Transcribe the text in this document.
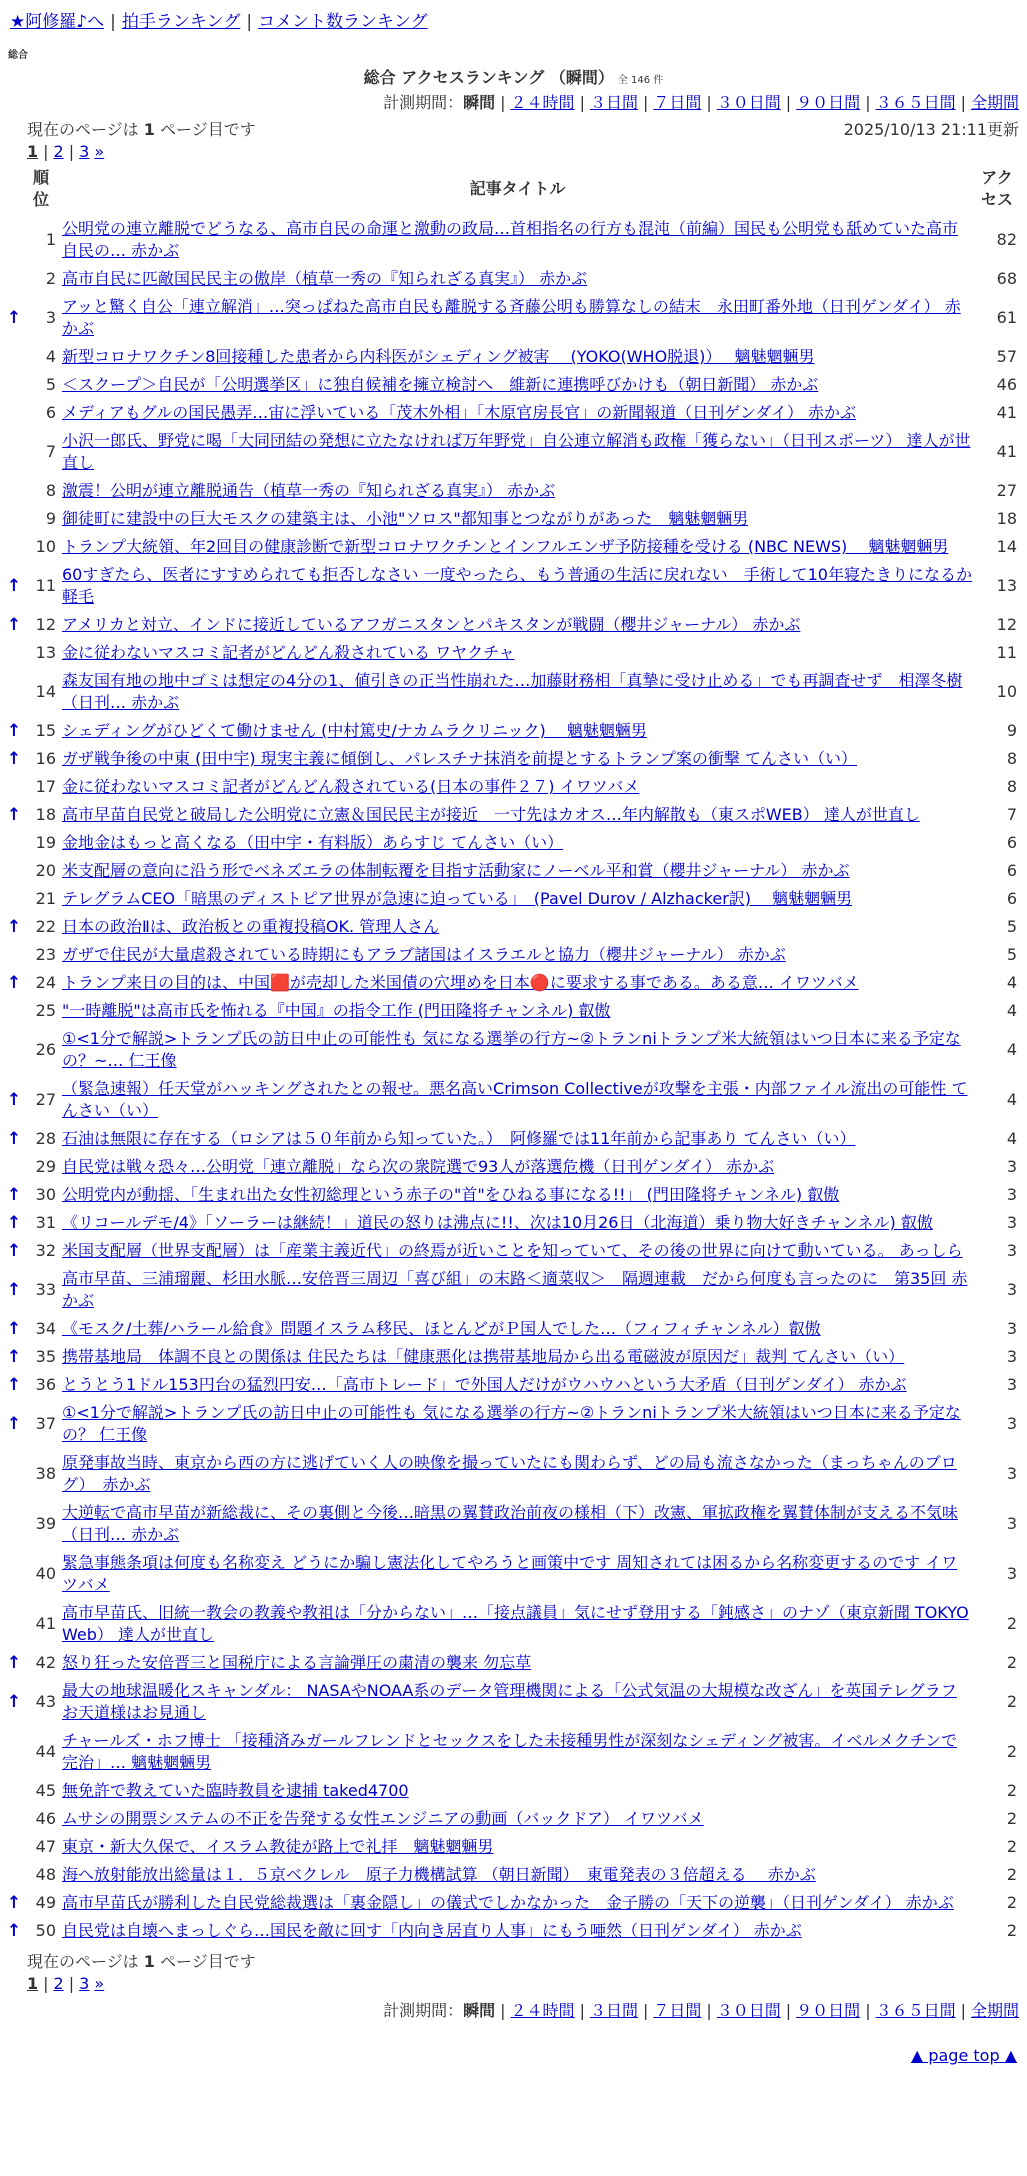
★阿修羅♪へ | 拍手ランキング | コメント数ランキング
総合
総合 アクセスランキング （瞬間） 全 146 件
計測期間：瞬間 | ２４時間 | ３日間 | ７日間 | ３０日間 | ９０日間 | ３６５日間 | 全期間
現在のページは 1 ページ目です	2025/10/13 21:11更新
1 | 2 | 3 »
	順位	記事タイトル	アクセス
	1	公明党の連立離脱でどうなる、高市自民の命運と激動の政局…首相指名の行方も混沌（前編）国民も公明党も舐めていた高市自民の… 赤かぶ	82
	2	高市自民に匹敵国民民主の傲岸（植草一秀の『知られざる真実』） 赤かぶ	68
↑	3	アッと驚く自公「連立解消」…突っぱねた高市自民も離脱する斉藤公明も勝算なしの結末　永田町番外地（日刊ゲンダイ） 赤かぶ	61
	4	新型コロナワクチン8回接種した患者から内科医がシェディング被害　 (YOKO(WHO脱退)）　 魑魅魍魎男	57
	5	＜スクープ＞自民が「公明選挙区」に独自候補を擁立検討へ　維新に連携呼びかけも（朝日新聞） 赤かぶ	46
	6	メディアもグルの国民愚弄…宙に浮いている「茂木外相」「木原官房長官」の新聞報道（日刊ゲンダイ） 赤かぶ	41
	7	小沢一郎氏、野党に喝「大同団結の発想に立たなければ万年野党」自公連立解消も政権「獲らない」（日刊スポーツ） 達人が世直し	41
	8	激震！公明が連立離脱通告（植草一秀の『知られざる真実』） 赤かぶ	27
	9	御徒町に建設中の巨大モスクの建築主は、小池"ソロス"都知事とつながりがあった　魑魅魍魎男	18
	10	トランプ大統領、年2回目の健康診断で新型コロナワクチンとインフルエンザ予防接種を受ける (NBC NEWS)　 魑魅魍魎男	14
↑	11	60すぎたら、医者にすすめられても拒否しなさい 一度やったら、もう普通の生活に戻れない　手術して10年寝たきりになるか軽毛	13
↑	12	アメリカと対立、インドに接近しているアフガニスタンとパキスタンが戦闘（櫻井ジャーナル） 赤かぶ	12
	13	金に従わないマスコミ記者がどんどん殺されている ワヤクチャ	11
	14	森友国有地の地中ゴミは想定の4分の1、値引きの正当性崩れた…加藤財務相「真摯に受け止める」でも再調査せず　相澤冬樹（日刊… 赤かぶ	10
↑	15	シェディングがひどくて働けません (中村篤史/ナカムラクリニック)　 魑魅魍魎男	9
↑	16	ガザ戦争後の中東 (田中宇) 現実主義に傾倒し、パレスチナ抹消を前提とするトランプ案の衝撃 てんさい（い）	8
	17	金に従わないマスコミ記者がどんどん殺されている(日本の事件２７) イワツバメ	8
↑	18	高市早苗自民党と破局した公明党に立憲＆国民民主が接近　一寸先はカオス…年内解散も（東スポWEB） 達人が世直し	7
	19	金地金はもっと高くなる（田中宇・有料版）あらすじ てんさい（い）	6
	20	米支配層の意向に沿う形でベネズエラの体制転覆を目指す活動家にノーベル平和賞（櫻井ジャーナル） 赤かぶ	6
	21	テレグラムCEO「暗黒のディストピア世界が急速に迫っている」　(Pavel Durov / Alzhacker訳)　 魑魅魍魎男	6
↑	22	日本の政治Ⅱは、政治板との重複投稿OK. 管理人さん	5
	23	ガザで住民が大量虐殺されている時期にもアラブ諸国はイスラエルと協力（櫻井ジャーナル） 赤かぶ	5
↑	24	トランプ来日の目的は、中国🟥が売却した米国債の穴埋めを日本🔴に要求する事である。ある意… イワツバメ	4
	25	"一時離脱"は高市氏を怖れる『中国』の指令工作 (門田隆将チャンネル) 叡傲	4
	26	①<1分で解説>トランプ氏の訪日中止の可能性も 気になる選挙の行方~②トランniトランプ米大統領はいつ日本に来る予定なの？~… 仁王像	4
↑	27	（緊急速報）任天堂がハッキングされたとの報せ。悪名高いCrimson Collectiveが攻撃を主張・内部ファイル流出の可能性 てんさい（い）	4
↑	28	石油は無限に存在する（ロシアは５０年前から知っていた。）　阿修羅では11年前から記事あり てんさい（い）	4
	29	自民党は戦々恐々…公明党「連立離脱」なら次の衆院選で93人が落選危機（日刊ゲンダイ） 赤かぶ	3
↑	30	公明党内が動揺、「生まれ出た女性初総理という赤子の"首"をひねる事になる!!」 (門田隆将チャンネル) 叡傲	3
↑	31	《リコールデモ/4》「ソーラーは継続！」道民の怒りは沸点に!!、次は10月26日（北海道）乗り物大好きチャンネル) 叡傲	3
↑	32	米国支配層（世界支配層）は「産業主義近代」の終焉が近いことを知っていて、その後の世界に向けて動いている。 あっしら	3
↑	33	高市早苗、三浦瑠麗、杉田水脈…安倍晋三周辺「喜び組」の末路＜適菜収＞　隔週連載　だから何度も言ったのに　第35回 赤かぶ	3
↑	34	《モスク/土葬/ハラール給食》問題イスラム移民、ほとんどがＰ国人でした…（フィフィチャンネル）叡傲	3
↑	35	携帯基地局　体調不良との関係は 住民たちは「健康悪化は携帯基地局から出る電磁波が原因だ」裁判 てんさい（い）	3
↑	36	とうとう1ドル153円台の猛烈円安…「高市トレード」で外国人だけがウハウハという大矛盾（日刊ゲンダイ） 赤かぶ	3
↑	37	①<1分で解説>トランプ氏の訪日中止の可能性も 気になる選挙の行方~②トランniトランプ米大統領はいつ日本に来る予定なの？ 仁王像	3
	38	原発事故当時、東京から西の方に逃げていく人の映像を撮っていたにも関わらず、どの局も流さなかった（まっちゃんのブログ）　赤かぶ	3
	39	大逆転で高市早苗が新総裁に、その裏側と今後…暗黒の翼賛政治前夜の様相（下）改憲、軍拡政権を翼賛体制が支える不気味（日刊… 赤かぶ	3
	40	緊急事態条項は何度も名称変え どうにか騙し憲法化してやろうと画策中です 周知されては困るから名称変更するのです イワツバメ	3
	41	高市早苗氏、旧統一教会の教義や教祖は「分からない」…「接点議員」気にせず登用する「鈍感さ」のナゾ（東京新聞 TOKYO Web） 達人が世直し	2
↑	42	怒り狂った安倍晋三と国税庁による言論弾圧の粛清の襲来 勿忘草	2
↑	43	最大の地球温暖化スキャンダル： NASAやNOAA系のデータ管理機関による「公式気温の大規模な改ざん」を英国テレグラフ お天道様はお見通し	2
	44	チャールズ・ホフ博士 「接種済みガールフレンドとセックスをした未接種男性が深刻なシェディング被害。イベルメクチンで完治」… 魑魅魍魎男	2
	45	無免許で教えていた臨時教員を逮捕 taked4700	2
	46	ムサシの開票システムの不正を告発する女性エンジニアの動画（バックドア） イワツバメ	2
	47	東京・新大久保で、イスラム教徒が路上で礼拝　魑魅魍魎男	2
	48	海へ放射能放出総量は１．５京ベクレル　原子力機構試算 （朝日新聞）　東電発表の３倍超える　 赤かぶ	2
↑	49	高市早苗氏が勝利した自民党総裁選は「裏金隠し」の儀式でしかなかった　金子勝の「天下の逆襲」（日刊ゲンダイ） 赤かぶ	2
↑	50	自民党は自壊へまっしぐら…国民を敵に回す「内向き居直り人事」にもう唖然（日刊ゲンダイ） 赤かぶ	2
現在のページは 1 ページ目です
1 | 2 | 3 »
計測期間：瞬間 | ２４時間 | ３日間 | ７日間 | ３０日間 | ９０日間 | ３６５日間 | 全期間
▲ page top ▲
